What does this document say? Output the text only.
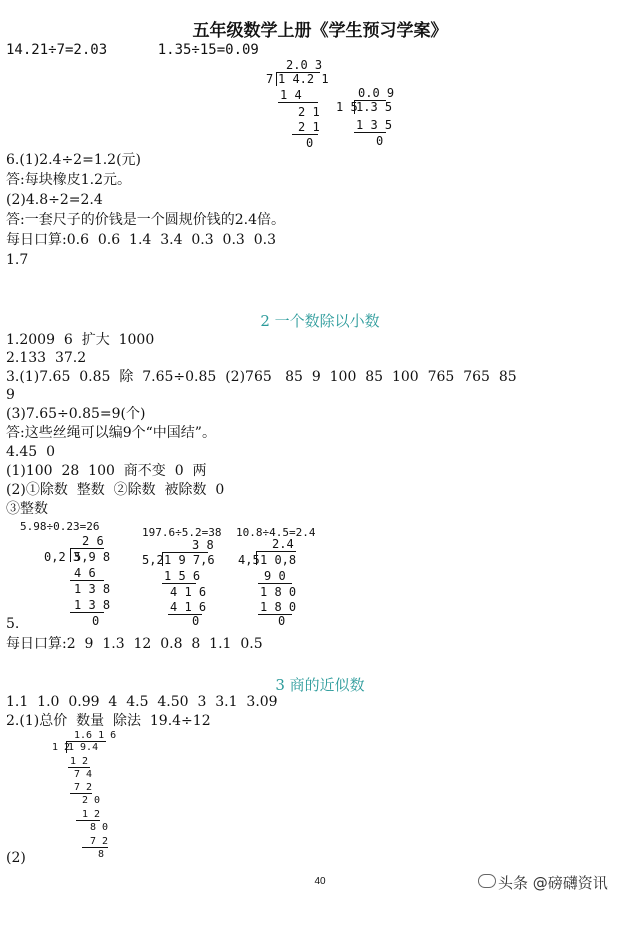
五年级数学上册《学生预习学案》
14.21÷7=2.03      1.35÷15=0.09

2.0 3

7

1 4.2 1

1 4

2 1

2 1

0

0.0 9

1 5

1.3 5

1 3 5

0

6.(1)2.4÷2=1.2(元)
答:每块橡皮1.2元。
(2)4.8÷2=2.4
答:一套尺子的价钱是一个圆规价钱的2.4倍。
每日口算:0.6  0.6  1.4  3.4  0.3  0.3  0.3
1.7
2 一个数除以小数
1.2009  6  扩大  1000
2.133  37.2
3.(1)7.65  0.85  除  7.65÷0.85  (2)765   85  9  100  85  100  765  765  85
9
(3)7.65÷0.85=9(个)
答:这些丝绳可以编9个“中国结”。
4.45  0
(1)100  28  100  商不变  0  两
(2)①除数  整数  ②除数  被除数  0
③整数

5.98÷0.23=26

2 6

0,2 3

5,9 8

4 6

1 3 8

1 3 8

0

197.6÷5.2=38

3 8

5,2

1 9 7,6

1 5 6

4 1 6

4 1 6

0

10.8÷4.5=2.4

2.4

4,5

1 0,8

9 0

1 8 0

1 8 0

0

5.
每日口算:2  9  1.3  12  0.8  8  1.1  0.5
3 商的近似数
1.1  1.0  0.99  4  4.5  4.50  3  3.1  3.09
2.(1)总价  数量  除法  19.4÷12

1.6 1 6

1 2

1 9.4

1 2

7 4

7 2

2 0

1 2

8 0

7 2

8

(2)
40	头条 @磅礴资讯
